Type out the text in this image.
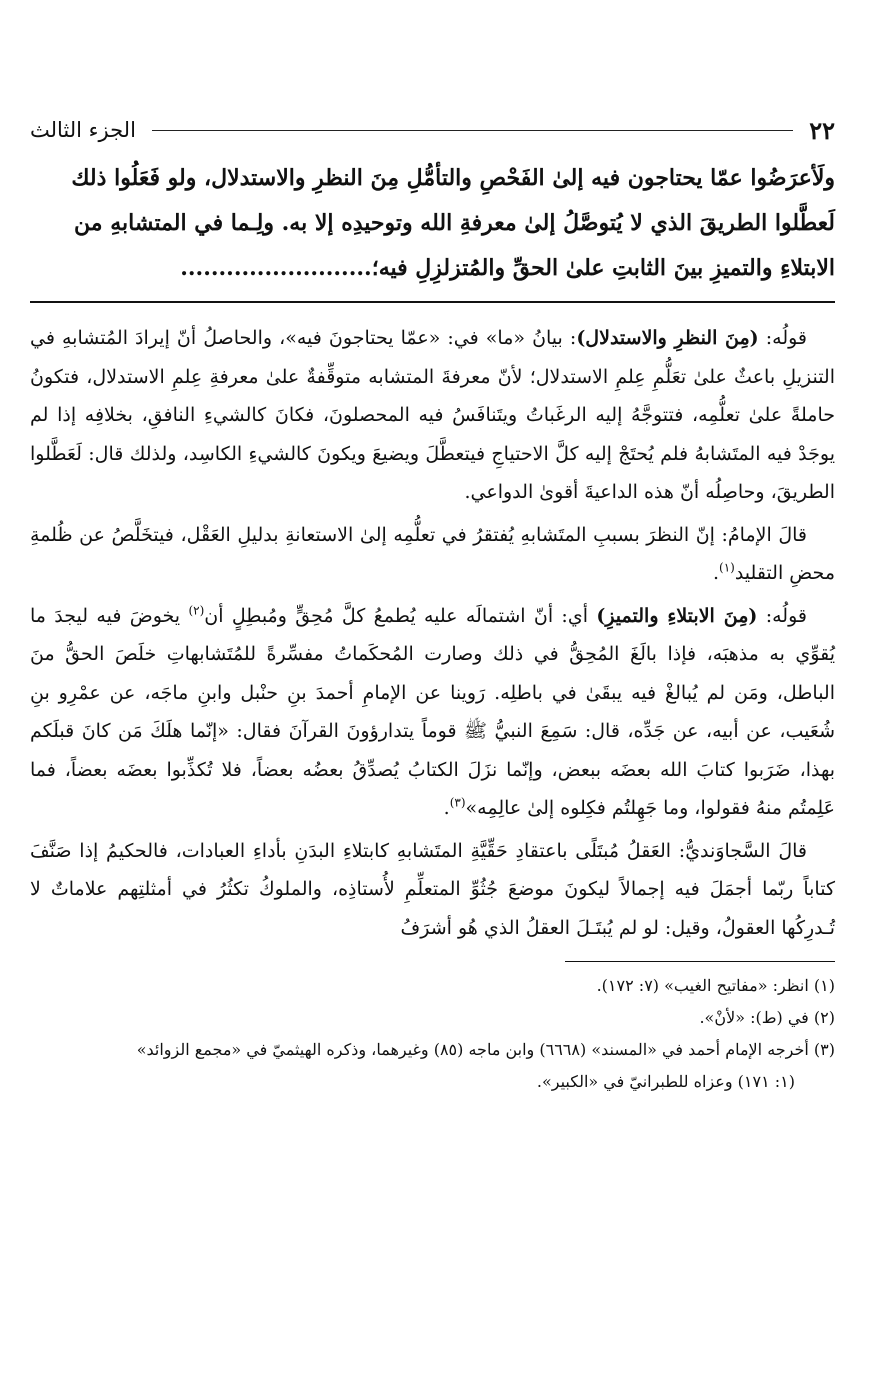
٢٢
الجزء الثالث

ولَأعرَضُوا عمّا يحتاجون فيه إلىٰ الفَحْصِ والتأمُّلِ مِنَ النظرِ والاستدلال، ولو فَعَلُوا ذلك

لَعطَّلوا الطريقَ الذي لا يُتوصَّلُ إلىٰ معرفةِ الله وتوحيدِه إلا به. ولِـما في المتشابهِ من

الابتلاءِ والتميزِ بينَ الثابتِ علىٰ الحقِّ والمُتزلزِلِ فيه؛.........................

قولُه: (مِنَ النظرِ والاستدلال): بيانُ «ما» في: «عمّا يحتاجونَ فيه»، والحاصلُ أنّ إيرادَ المُتشابهِ في التنزيلِ باعثٌ علىٰ تعَلُّمِ عِلمِ الاستدلال؛ لأنّ معرفةَ المتشابه متوقِّفةٌ علىٰ معرفةِ عِلمِ الاستدلال، فتكونُ حاملةً علىٰ تعلُّمِه، فتتوجَّهُ إليه الرغَباتُ ويتَنافَسُ فيه المحصلونَ، فكانَ كالشيءِ النافقِ، بخلافِه إذا لم يوجَدْ فيه المتَشابهُ فلم يُحتَجْ إليه كلَّ الاحتياجِ فيتعطَّلَ ويضيعَ ويكونَ كالشيءِ الكاسِد، ولذلك قال: لَعَطَّلوا الطريقَ، وحاصِلُه أنّ هذه الداعيةَ أقوىٰ الدواعي.

قالَ الإمامُ: إنّ النظرَ بسببِ المتَشابهِ يُفتقرُ في تعلُّمِه إلىٰ الاستعانةِ بدليلِ العَقْل، فيتخَلَّصُ عن ظُلمةِ محضِ التقليد$^{(١)}$.

قولُه: (مِنَ الابتلاءِ والتميزِ) أي: أنّ اشتمالَه عليه يُطمعُ كلَّ مُحِقٍّ ومُبطِلٍ أن$^{(٢)}$ يخوضَ فيه ليجدَ ما يُقوِّي به مذهبَه، فإذا بالَغَ المُحِقُّ في ذلك وصارت المُحكَماتُ مفسِّرةً للمُتَشابهاتِ خلَصَ الحقُّ منَ الباطل، ومَن لم يُبالغْ فيه يبقَىٰ في باطلِه. رَوينا عن الإمامِ أحمدَ بنِ حنْبل وابنِ ماجَه، عن عمْرِو بنِ شُعَيب، عن أبيه، عن جَدِّه، قال: سَمِعَ النبيُّ ﷺ قوماً يتدارؤونَ القرآنَ فقال: «إنّما هلَكَ مَن كانَ قبلَكم بهذا، ضَرَبوا كتابَ الله بعضَه ببعض، وإنّما نزَلَ الكتابُ يُصدِّقُ بعضُه بعضاً، فلا تُكذِّبوا بعضَه بعضاً، فما عَلِمتُم منهُ فقولوا، وما جَهِلتُم فكِلوه إلىٰ عالِمِه»$^{(٣)}$.

قالَ السَّجاوَنديُّ: العَقلُ مُبتَلًى باعتقادِ حَقِّيَّةِ المتَشابهِ كابتلاءِ البدَنِ بأداءِ العبادات، فالحكيمُ إذا صَنَّفَ كتاباً ربّما أجمَلَ فيه إجمالاً ليكونَ موضعَ جُثُوِّ المتعلِّمِ لأُستاذِه، والملوكُ تكثُرُ في أمثلتِهم علاماتٌ لا تُـدرِكُها العقولُ، وقيل: لو لم يُبتَـلَ العقلُ الذي هُو أشرَفُ

(١) انظر: «مفاتيح الغيب» (٧: ١٧٢).

(٢) في (ط): «لأنْ».

(٣) أخرجه الإمام أحمد في «المسند» (٦٦٦٨) وابن ماجه (٨٥) وغيرهما، وذكره الهيثميّ في «مجمع الزوائد»

(١: ١٧١) وعزاه للطبرانيّ في «الكبير».
